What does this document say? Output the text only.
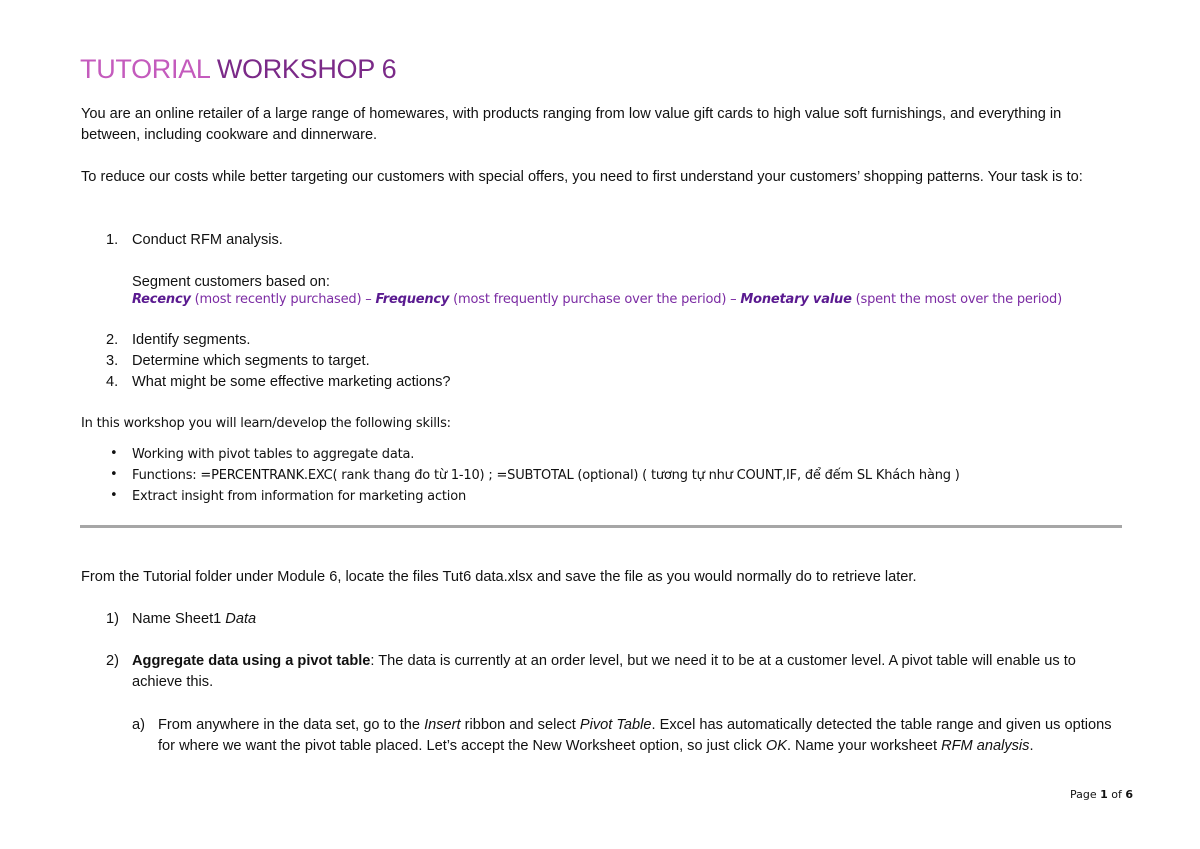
TUTORIAL WORKSHOP 6
You are an online retailer of a large range of homewares, with products ranging from low value gift cards to high value soft furnishings, and everything in between, including cookware and dinnerware.
To reduce our costs while better targeting our customers with special offers, you need to first understand your customers’ shopping patterns. Your task is to:
1. Conduct RFM analysis.
Segment customers based on:
Recency (most recently purchased) – Frequency (most frequently purchase over the period) – Monetary value (spent the most over the period)
2. Identify segments.
3. Determine which segments to target.
4. What might be some effective marketing actions?
In this workshop you will learn/develop the following skills:
• Working with pivot tables to aggregate data.
• Functions: =PERCENTRANK.EXC( rank thang đo từ 1-10) ; =SUBTOTAL (optional) ( tương tự như COUNT,IF, để đếm SL Khách hàng )
• Extract insight from information for marketing action
From the Tutorial folder under Module 6, locate the files Tut6 data.xlsx and save the file as you would normally do to retrieve later.
1) Name Sheet1 Data
2) Aggregate data using a pivot table: The data is currently at an order level, but we need it to be at a customer level. A pivot table will enable us to achieve this.
a) From anywhere in the data set, go to the Insert ribbon and select Pivot Table. Excel has automatically detected the table range and given us options for where we want the pivot table placed. Let’s accept the New Worksheet option, so just click OK. Name your worksheet RFM analysis.
Page 1 of 6
